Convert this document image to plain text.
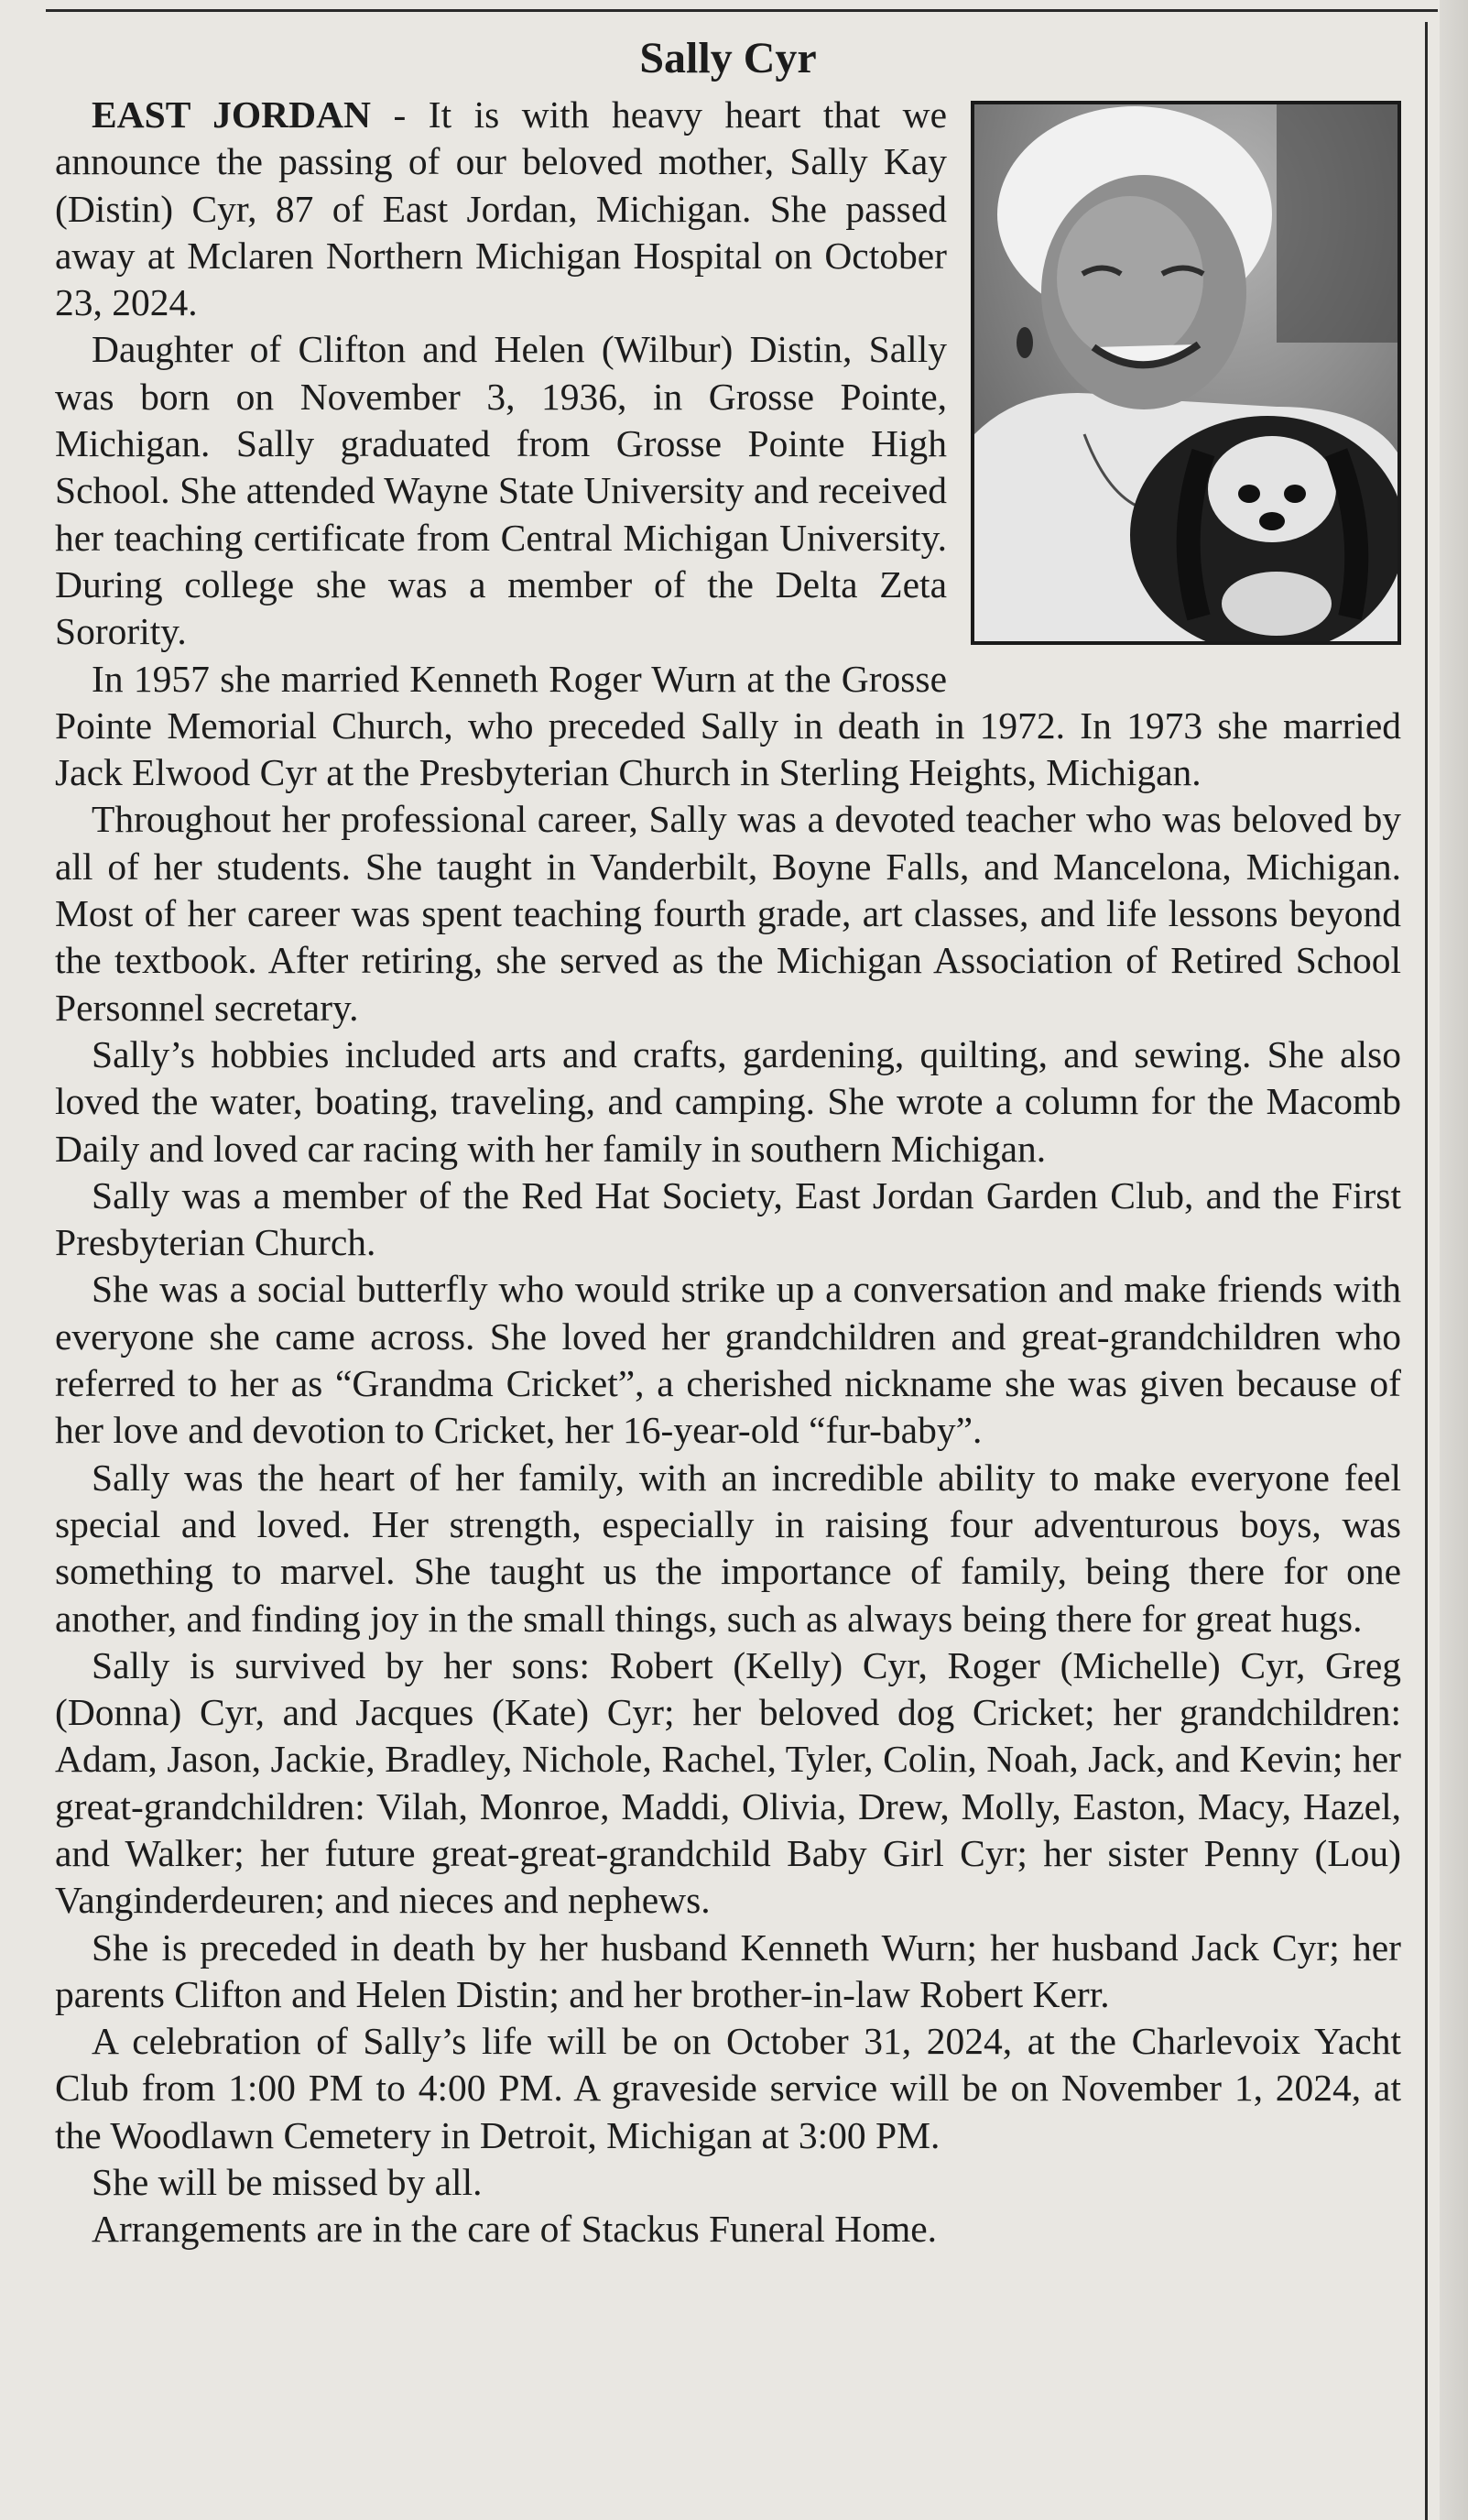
Sally Cyr

EAST JORDAN - It is with heavy heart that we announce the passing of our beloved mother, Sally Kay (Distin) Cyr, 87 of East Jordan, Michigan. She passed away at Mclaren Northern Michigan Hospital on October 23, 2024.

Daughter of Clifton and Helen (Wilbur) Distin, Sally was born on November 3, 1936, in Grosse Pointe, Michigan. Sally graduated from Grosse Pointe High School. She attended Wayne State University and received her teaching certificate from Central Michigan University. During college she was a member of the Delta Zeta Sorority.

In 1957 she married Kenneth Roger Wurn at the Grosse Pointe Memorial Church, who preceded Sally in death in 1972. In 1973 she married Jack Elwood Cyr at the Presbyterian Church in Sterling Heights, Michigan.

Throughout her professional career, Sally was a devoted teacher who was beloved by all of her students. She taught in Vanderbilt, Boyne Falls, and Mancelona, Michigan. Most of her career was spent teaching fourth grade, art classes, and life lessons beyond the textbook. After retiring, she served as the Michigan Association of Retired School Personnel secretary.

Sally’s hobbies included arts and crafts, gardening, quilting, and sewing. She also loved the water, boating, traveling, and camping. She wrote a column for the Macomb Daily and loved car racing with her family in southern Michigan.

Sally was a member of the Red Hat Society, East Jordan Garden Club, and the First Presbyterian Church.

She was a social butterfly who would strike up a conversation and make friends with everyone she came across. She loved her grandchildren and great-grandchildren who referred to her as “Grandma Cricket”, a cherished nickname she was given because of her love and devotion to Cricket, her 16-year-old “fur-baby”.

Sally was the heart of her family, with an incredible ability to make everyone feel special and loved. Her strength, especially in raising four adventurous boys, was something to marvel. She taught us the importance of family, being there for one another, and finding joy in the small things, such as always being there for great hugs.

Sally is survived by her sons: Robert (Kelly) Cyr, Roger (Michelle) Cyr, Greg (Donna) Cyr, and Jacques (Kate) Cyr; her beloved dog Cricket; her grandchildren: Adam, Jason, Jackie, Bradley, Nichole, Rachel, Tyler, Colin, Noah, Jack, and Kevin; her great-grandchildren: Vilah, Monroe, Maddi, Olivia, Drew, Molly, Easton, Macy, Hazel, and Walker; her future great-great-grandchild Baby Girl Cyr; her sister Penny (Lou) Vanginderdeuren; and nieces and nephews.

She is preceded in death by her husband Kenneth Wurn; her husband Jack Cyr; her parents Clifton and Helen Distin; and her brother-in-law Robert Kerr.

A celebration of Sally’s life will be on October 31, 2024, at the Charlevoix Yacht Club from 1:00 PM to 4:00 PM. A graveside service will be on November 1, 2024, at the Woodlawn Cemetery in Detroit, Michigan at 3:00 PM.

She will be missed by all.

Arrangements are in the care of Stackus Funeral Home.
